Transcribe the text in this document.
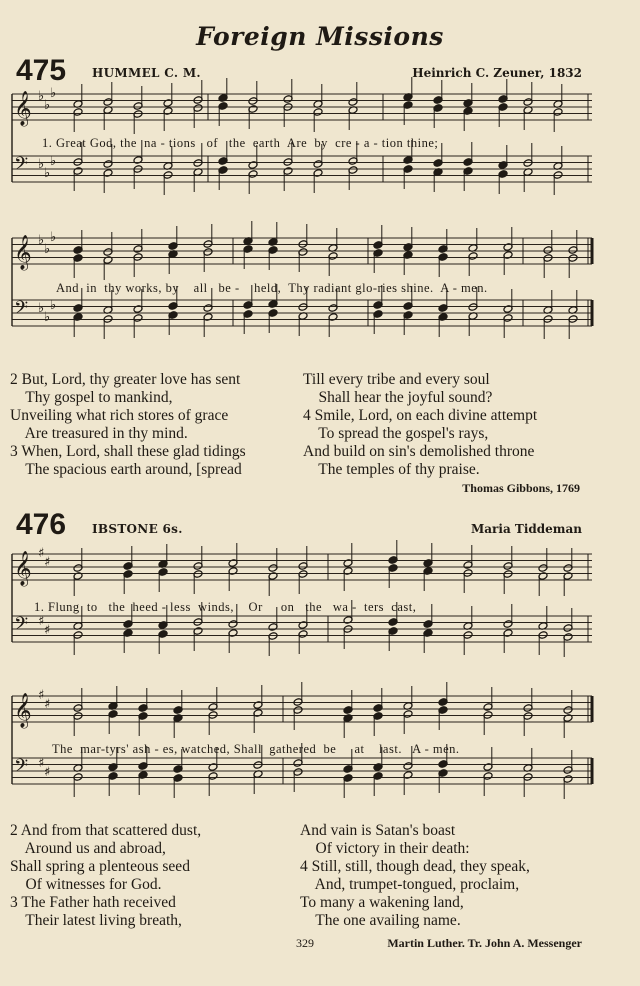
Foreign Missions
475 HUMMEL C. M.	Heinrich C. Zeuner, 1832
𝄞
𝄢
♭
♭
♭
♭
♭
♭
1. Great God, the  na - tions   of   the  earth  Are  by  cre - a - tion thine;
𝄞
𝄢
♭
♭
♭
♭
♭
♭
And  in  thy works, by    all   be -    held,  Thy radiant glo-ries shine.  A - men.
2 But, Lord, thy greater love has sent
Thy gospel to mankind,
Unveiling what rich stores of grace
Are treasured in thy mind.
3 When, Lord, shall these glad tidings
The spacious earth around, [spread
Till every tribe and every soul
Shall hear the joyful sound?
4 Smile, Lord, on each divine attempt
To spread the gospel's rays,
And build on sin's demolished throne
The temples of thy praise.
Thomas Gibbons, 1769
476 IBSTONE 6s.	Maria Tiddeman
𝄞
𝄢
♯
♯
♯
♯
1. Flung  to   the  heed - less  winds,    Or     on   the   wa -  ters  cast,
𝄞
𝄢
♯
♯
♯
♯
The  mar-tyrs' ash - es, watched, Shall  gathered  be     at    last.   A - men.
2 And from that scattered dust,
Around us and abroad,
Shall spring a plenteous seed
Of witnesses for God.
3 The Father hath received
Their latest living breath,
And vain is Satan's boast
Of victory in their death:
4 Still, still, though dead, they speak,
And, trumpet-tongued, proclaim,
To many a wakening land,
The one availing name.
329	Martin Luther. Tr. John A. Messenger
